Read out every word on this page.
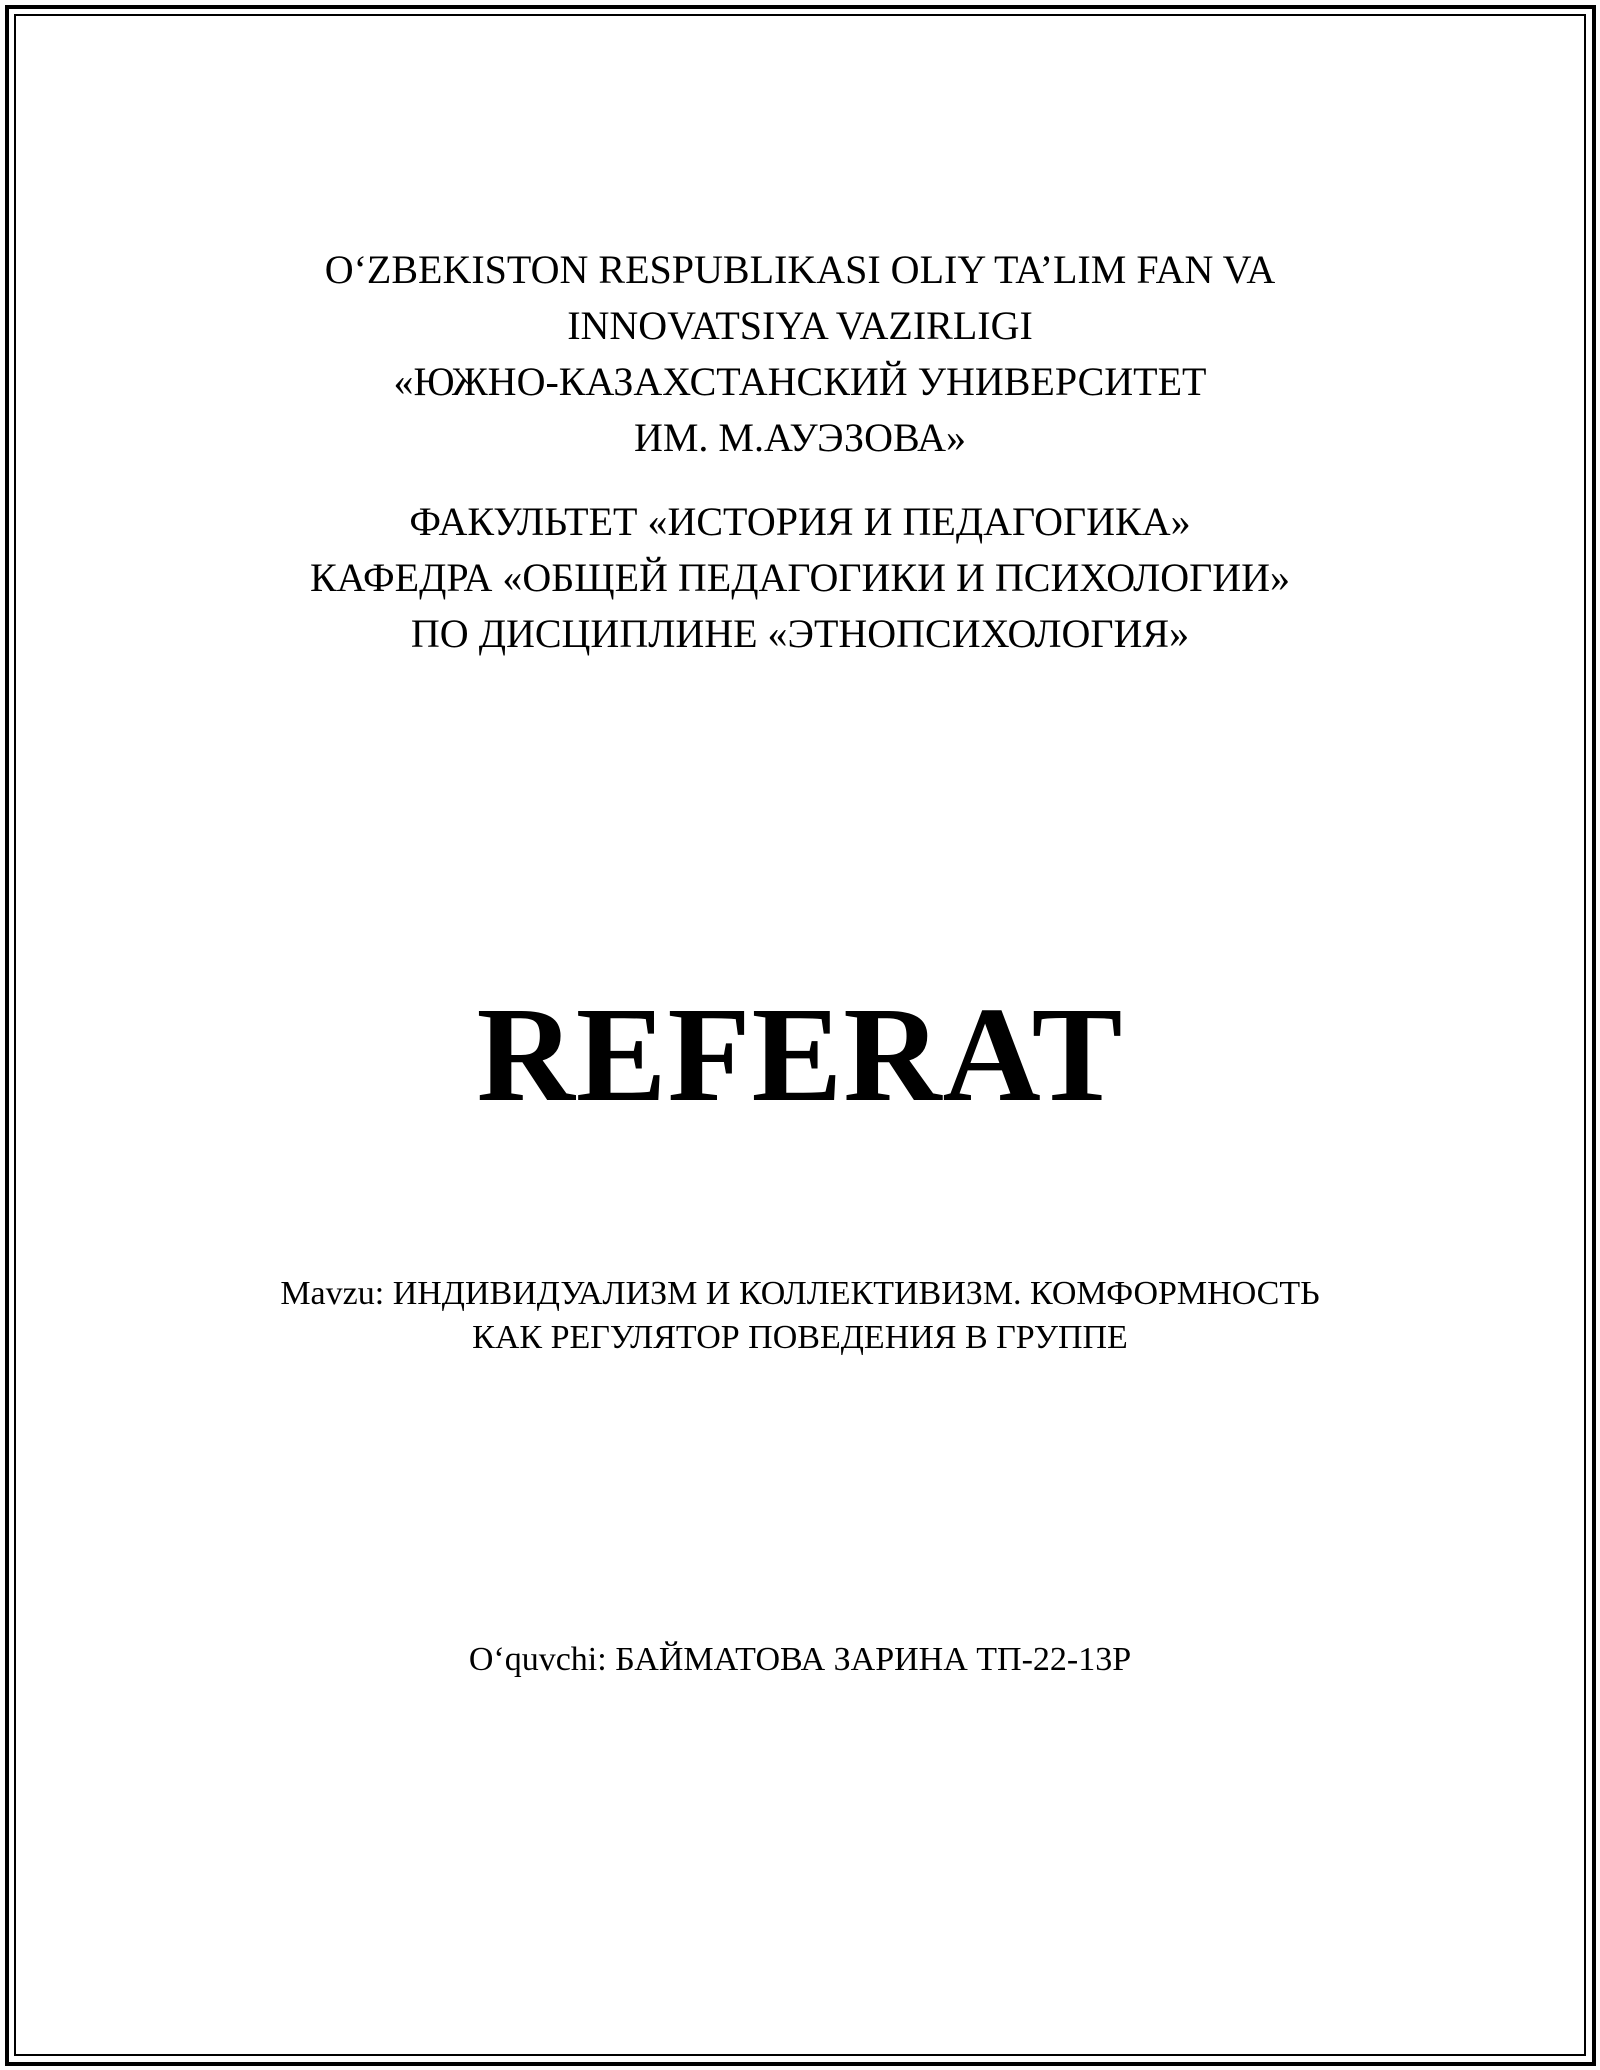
O‘ZBEKISTON RESPUBLIKASI OLIY TA’LIM FAN VA
INNOVATSIYA VAZIRLIGI
«ЮЖНО-КАЗАХСТАНСКИЙ УНИВЕРСИТЕТ
ИМ. М.АУЭЗОВА»
ФАКУЛЬТЕТ «ИСТОРИЯ И ПЕДАГОГИКА»
КАФЕДРА «ОБЩЕЙ ПЕДАГОГИКИ И ПСИХОЛОГИИ»
ПО ДИСЦИПЛИНЕ «ЭТНОПСИХОЛОГИЯ»
REFERAT
Mavzu: ИНДИВИДУАЛИЗМ И КОЛЛЕКТИВИЗМ. КОМФОРМНОСТЬ
КАК РЕГУЛЯТОР ПОВЕДЕНИЯ В ГРУППЕ
O‘quvchi: БАЙМАТОВА ЗАРИНА ТП-22-13Р
